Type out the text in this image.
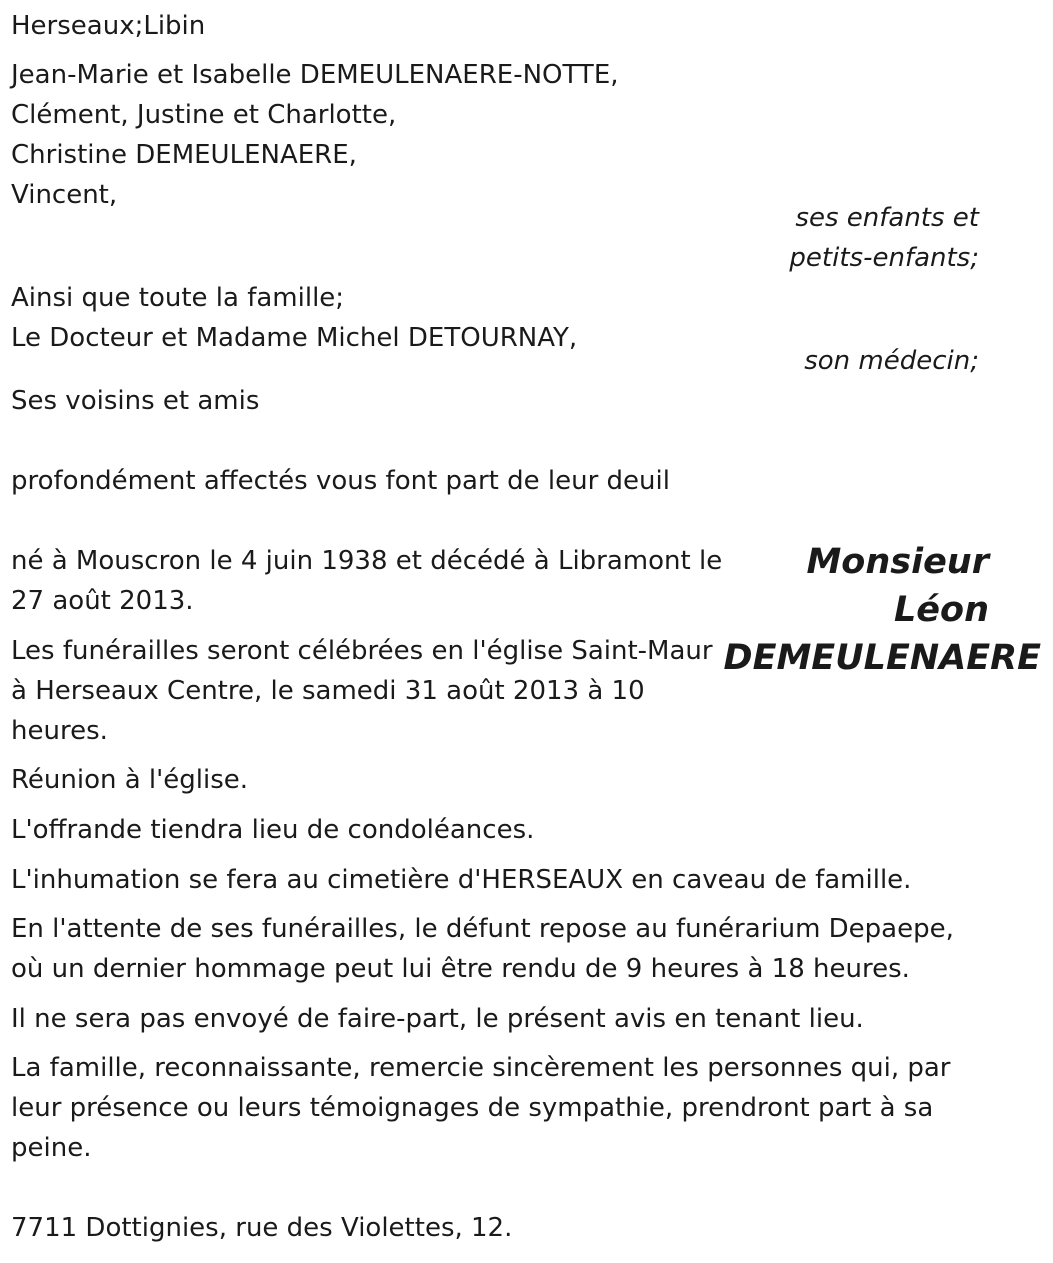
Herseaux;Libin
Jean-Marie et Isabelle DEMEULENAERE-NOTTE,
Clément, Justine et Charlotte,
Christine DEMEULENAERE,
Vincent,
ses enfants et
petits-enfants;
Ainsi que toute la famille;
Le Docteur et Madame Michel DETOURNAY,
son médecin;
Ses voisins et amis
profondément affectés vous font part de leur deuil
né à Mouscron le 4 juin 1938 et décédé à Libramont le
27 août 2013.
Les funérailles seront célébrées en l'église Saint-Maur
à Herseaux Centre, le samedi 31 août 2013 à 10
heures.
Réunion à l'église.
L'offrande tiendra lieu de condoléances.
L'inhumation se fera au cimetière d'HERSEAUX en caveau de famille.
En l'attente de ses funérailles, le défunt repose au funérarium Depaepe,
où un dernier hommage peut lui être rendu de 9 heures à 18 heures.
Il ne sera pas envoyé de faire-part, le présent avis en tenant lieu.
La famille, reconnaissante, remercie sincèrement les personnes qui, par
leur présence ou leurs témoignages de sympathie, prendront part à sa
peine.
7711 Dottignies, rue des Violettes, 12.
Monsieur
Léon
DEMEULENAERE
